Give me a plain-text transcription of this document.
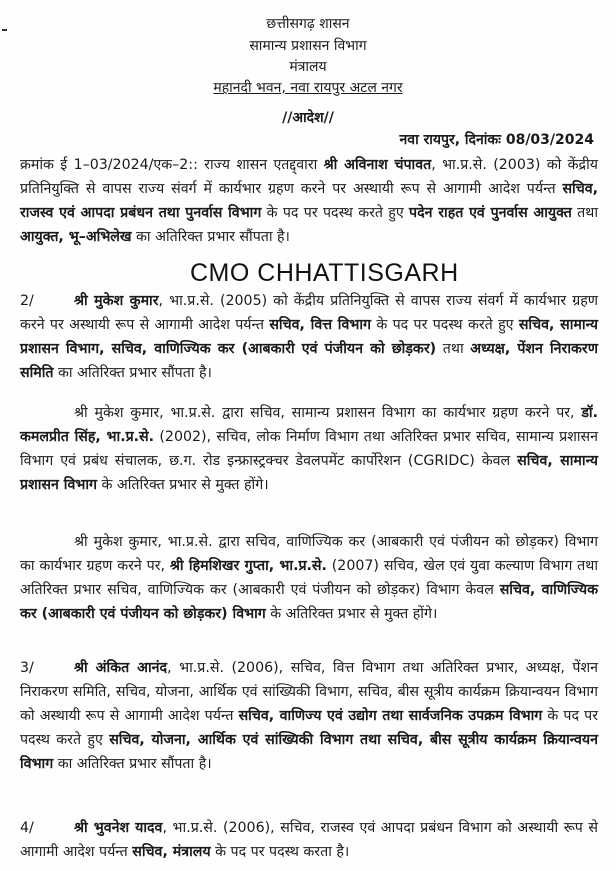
छत्तीसगढ़ शासन
सामान्य प्रशासन विभाग
मंत्रालय
महानदी भवन, नवा रायपुर अटल नगर
//आदेश//
नवा रायपुर, दिनांकः 08/03/2024
CMO CHHATTISGARH

क्रमांक ई 1–03/2024/एक–2:: राज्य शासन एतद्द्वारा श्री अविनाश चंपावत, भा.प्र.से. (2003) को केंद्रीय प्रतिनियुक्ति से वापस राज्य संवर्ग में कार्यभार ग्रहण करने पर अस्थायी रूप से आगामी आदेश पर्यन्त सचिव, राजस्व एवं आपदा प्रबंधन तथा पुनर्वास विभाग के पद पर पदस्थ करते हुए पदेन राहत एवं पुनर्वास आयुक्त तथा आयुक्त, भू–अभिलेख का अतिरिक्त प्रभार सौंपता है।

2/	श्री मुकेश कुमार, भा.प्र.से. (2005) को केंद्रीय प्रतिनियुक्ति से वापस राज्य संवर्ग में कार्यभार ग्रहण करने पर अस्थायी रूप से आगामी आदेश पर्यन्त सचिव, वित्त विभाग के पद पर पदस्थ करते हुए सचिव, सामान्य प्रशासन विभाग, सचिव, वाणिज्यिक कर (आबकारी एवं पंजीयन को छोड़कर) तथा अध्यक्ष, पेंशन निराकरण समिति का अतिरिक्त प्रभार सौंपता है।

श्री मुकेश कुमार, भा.प्र.से. द्वारा सचिव, सामान्य प्रशासन विभाग का कार्यभार ग्रहण करने पर, डॉ. कमलप्रीत सिंह, भा.प्र.से. (2002), सचिव, लोक निर्माण विभाग तथा अतिरिक्त प्रभार सचिव, सामान्य प्रशासन विभाग एवं प्रबंध संचालक, छ.ग. रोड इन्फ्रास्ट्रक्चर डेवलपमेंट कार्पोरेशन (CGRIDC) केवल सचिव, सामान्य प्रशासन विभाग के अतिरिक्त प्रभार से मुक्त होंगे।

श्री मुकेश कुमार, भा.प्र.से. द्वारा सचिव, वाणिज्यिक कर (आबकारी एवं पंजीयन को छोड़कर) विभाग का कार्यभार ग्रहण करने पर, श्री हिमशिखर गुप्ता, भा.प्र.से. (2007) सचिव, खेल एवं युवा कल्याण विभाग तथा अतिरिक्त प्रभार सचिव, वाणिज्यिक कर (आबकारी एवं पंजीयन को छोड़कर) विभाग केवल सचिव, वाणिज्यिक कर (आबकारी एवं पंजीयन को छोड़कर) विभाग के अतिरिक्त प्रभार से मुक्त होंगे।

3/	श्री अंकित आनंद, भा.प्र.से. (2006), सचिव, वित्त विभाग तथा अतिरिक्त प्रभार, अध्यक्ष, पेंशन निराकरण समिति, सचिव, योजना, आर्थिक एवं सांख्यिकी विभाग, सचिव, बीस सूत्रीय कार्यक्रम क्रियान्वयन विभाग को अस्थायी रूप से आगामी आदेश पर्यन्त सचिव, वाणिज्य एवं उद्योग तथा सार्वजनिक उपक्रम विभाग के पद पर पदस्थ करते हुए सचिव, योजना, आर्थिक एवं सांख्यिकी विभाग तथा सचिव, बीस सूत्रीय कार्यक्रम क्रियान्वयन विभाग का अतिरिक्त प्रभार सौंपता है।

4/	श्री भुवनेश यादव, भा.प्र.से. (2006), सचिव, राजस्व एवं आपदा प्रबंधन विभाग को अस्थायी रूप से आगामी आदेश पर्यन्त सचिव, मंत्रालय के पद पर पदस्थ करता है।
